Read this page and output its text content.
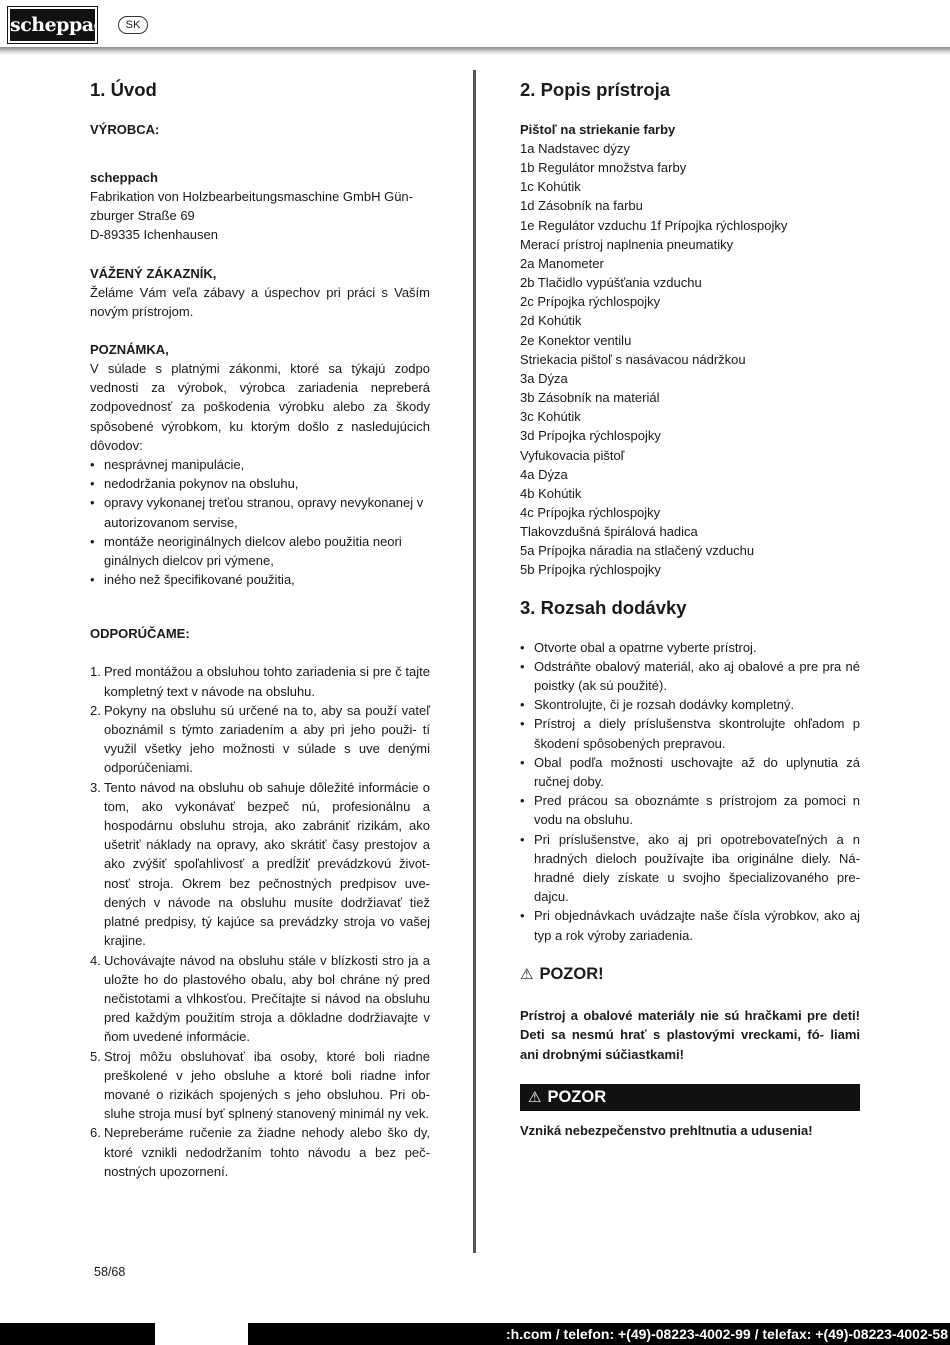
scheppach SK
1. Úvod
VÝROBCA:
scheppach
Fabrikation von Holzbearbeitungsmaschine GmbH Gün-
zburger Straße 69
D-89335 Ichenhausen
VÁŽENÝ ZÁKAZNÍK,

Želáme Vám veľa zábavy a úspechov pri práci s Vaším novým prístrojom.

POZNÁMKA,

V súlade s platnými zákonmi, ktoré sa týkajú zodpo vednosti za výrobok, výrobca zariadenia nepreberá zodpovednosť za poškodenia výrobku alebo za škody spôsobené výrobkom, ku ktorým došlo z nasledujúcich dôvodov:

• nesprávnej manipulácie,
• nedodržania pokynov na obsluhu,
• opravy vykonanej treťou stranou, opravy nevykonanej v autorizovanom servise,
• montáže neoriginálnych dielcov alebo použitia neori ginálnych dielcov pri výmene,
• iného než špecifikované použitia,
ODPORÚČAME:
1. Pred montážou a obsluhou tohto zariadenia si pre č tajte kompletný text v návode na obsluhu.
2. Pokyny na obsluhu sú určené na to, aby sa použí vateľ oboznámil s týmto zariadením a aby pri jeho použi- tí využil všetky jeho možnosti v súlade s uve denými odporúčeniami.
3. Tento návod na obsluhu ob sahuje dôležité informácie o tom, ako vykonávať bezpeč nú, profesionálnu a hospodárnu obsluhu stroja, ako zabrániť rizikám, ako ušetriť náklady na opravy, ako skrátiť časy prestojov a ako zvýšiť spoľahlivosť a predĺžiť prevádzkovú život- nosť stroja. Okrem bez pečnostných predpisov uve- dených v návode na obsluhu musíte dodržiavať tiež platné predpisy, tý kajúce sa prevádzky stroja vo vašej krajine.
4. Uchovávajte návod na obsluhu stále v blízkosti stro ja a uložte ho do plastového obalu, aby bol chráne ný pred nečistotami a vlhkosťou. Prečítajte si návod na obsluhu pred každým použitím stroja a dôkladne dodržiavajte v ňom uvedené informácie.
5. Stroj môžu obsluhovať iba osoby, ktoré boli riadne preškolené v jeho obsluhe a ktoré boli riadne infor mované o rizikách spojených s jeho obsluhou. Pri ob- sluhe stroja musí byť splnený stanovený minimál ny vek.
6. Nepreberáme ručenie za žiadne nehody alebo ško dy, ktoré vznikli nedodržaním tohto návodu a bez peč- nostných upozornení.
58/68
2. Popis prístroja
Pištoľ na striekanie farby
1a Nadstavec dýzy
1b Regulátor množstva farby
1c Kohútik
1d Zásobník na farbu
1e Regulátor vzduchu 1f Prípojka rýchlospojky
Merací prístroj naplnenia pneumatiky
2a Manometer
2b Tlačidlo vypúšťania vzduchu
2c Prípojka rýchlospojky
2d Kohútik
2e Konektor ventilu
Striekacia pištoľ s nasávacou nádržkou
3a Dýza
3b Zásobník na materiál
3c Kohútik
3d Prípojka rýchlospojky
Vyfukovacia pištoľ
4a Dýza
4b Kohútik
4c Prípojka rýchlospojky
Tlakovzdušná špirálová hadica
5a Prípojka náradia na stlačený vzduchu
5b Prípojka rýchlospojky
3. Rozsah dodávky
• Otvorte obal a opatrne vyberte prístroj.
• Odstráňte obalový materiál, ako aj obalové a pre pra né poistky (ak sú použité).
• Skontrolujte, či je rozsah dodávky kompletný.
• Prístroj a diely príslušenstva skontrolujte ohľadom p škodení spôsobených prepravou.
• Obal podľa možnosti uschovajte až do uplynutia zá ručnej doby.
• Pred prácou sa oboznámte s prístrojom za pomoci n vodu na obsluhu.
• Pri príslušenstve, ako aj pri opotrebovateľných a n hradných dieloch používajte iba originálne diely. Ná- hradné diely získate u svojho špecializovaného pre- dajcu.
• Pri objednávkach uvádzajte naše čísla výrobkov, ako aj typ a rok výroby zariadenia.
⚠ POZOR!
Prístroj a obalové materiály nie sú hračkami pre deti! Deti sa nesmú hrať s plastovými vreckami, fó- liami ani drobnými súčiastkami!
⚠ POZOR
Vzniká nebezpečenstvo prehltnutia a udusenia!
:h.com / telefon: +(49)-08223-4002-99 / telefax: +(49)-08223-4002-58
